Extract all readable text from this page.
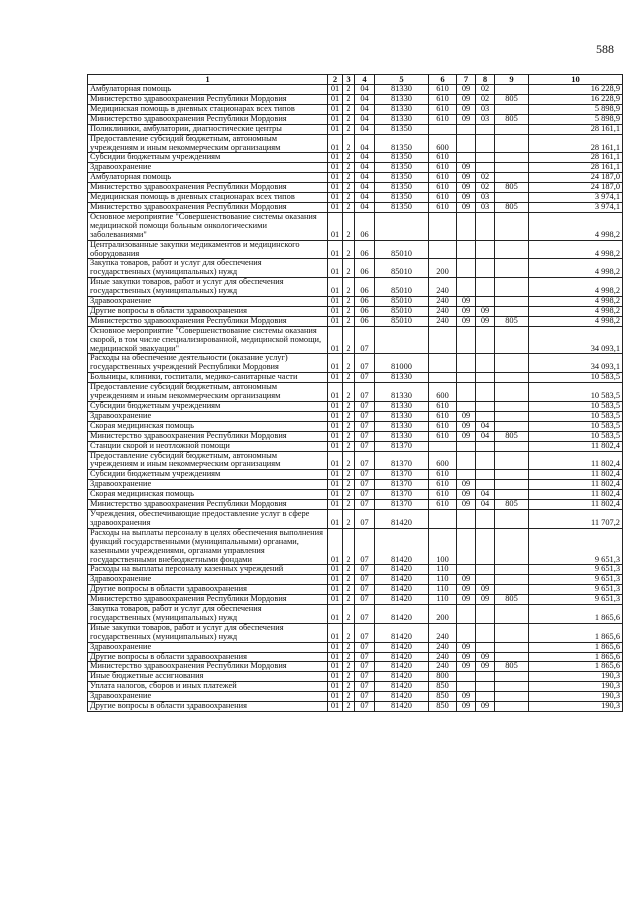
588
1	2	3	4	5	6	7	8	9	10
Амбулаторная помощь	01	2	04	81330	610	09	02		16 228,9
Министерство здравоохранения Республики Мордовия	01	2	04	81330	610	09	02	805	16 228,9
Медицинская помощь в дневных стационарах всех типов	01	2	04	81330	610	09	03		5 898,9
Министерство здравоохранения Республики Мордовия	01	2	04	81330	610	09	03	805	5 898,9
Поликлиники, амбулатории, диагностические центры	01	2	04	81350					28 161,1
Предоставление субсидий бюджетным, автономным учреждениям и иным некоммерческим организациям	01	2	04	81350	600				28 161,1
Субсидии бюджетным учреждениям	01	2	04	81350	610				28 161,1
Здравоохранение	01	2	04	81350	610	09			28 161,1
Амбулаторная помощь	01	2	04	81350	610	09	02		24 187,0
Министерство здравоохранения Республики Мордовия	01	2	04	81350	610	09	02	805	24 187,0
Медицинская помощь в дневных стационарах всех типов	01	2	04	81350	610	09	03		3 974,1
Министерство здравоохранения Республики Мордовия	01	2	04	81350	610	09	03	805	3 974,1
Основное мероприятие "Совершенствование системы оказания медицинской помощи больным онкологическими заболеваниями"	01	2	06						4 998,2
Централизованные закупки медикаментов и медицинского оборудования	01	2	06	85010					4 998,2
Закупка товаров, работ и услуг для обеспечения государственных (муниципальных) нужд	01	2	06	85010	200				4 998,2
Иные закупки товаров, работ и услуг для обеспечения государственных (муниципальных) нужд	01	2	06	85010	240				4 998,2
Здравоохранение	01	2	06	85010	240	09			4 998,2
Другие вопросы в области здравоохранения	01	2	06	85010	240	09	09		4 998,2
Министерство здравоохранения Республики Мордовия	01	2	06	85010	240	09	09	805	4 998,2
Основное мероприятие "Совершенствование системы оказания скорой, в том числе специализированной, медицинской помощи, медицинской эвакуации"	01	2	07						34 093,1
Расходы на обеспечение деятельности (оказание услуг) государственных учреждений Республики Мордовия	01	2	07	81000					34 093,1
Больницы, клиники, госпитали, медико-санитарные части	01	2	07	81330					10 583,5
Предоставление субсидий бюджетным, автономным учреждениям и иным некоммерческим организациям	01	2	07	81330	600				10 583,5
Субсидии бюджетным учреждениям	01	2	07	81330	610				10 583,5
Здравоохранение	01	2	07	81330	610	09			10 583,5
Скорая медицинская помощь	01	2	07	81330	610	09	04		10 583,5
Министерство здравоохранения Республики Мордовия	01	2	07	81330	610	09	04	805	10 583,5
Станции скорой и неотложной помощи	01	2	07	81370					11 802,4
Предоставление субсидий бюджетным, автономным учреждениям и иным некоммерческим организациям	01	2	07	81370	600				11 802,4
Субсидии бюджетным учреждениям	01	2	07	81370	610				11 802,4
Здравоохранение	01	2	07	81370	610	09			11 802,4
Скорая медицинская помощь	01	2	07	81370	610	09	04		11 802,4
Министерство здравоохранения Республики Мордовия	01	2	07	81370	610	09	04	805	11 802,4
Учреждения, обеспечивающие предоставление услуг в сфере здравоохранения	01	2	07	81420					11 707,2
Расходы на выплаты персоналу в целях обеспечения выполнения функций государственными (муниципальными) органами, казенными учреждениями, органами управления государственными внебюджетными фондами	01	2	07	81420	100				9 651,3
Расходы на выплаты персоналу казенных учреждений	01	2	07	81420	110				9 651,3
Здравоохранение	01	2	07	81420	110	09			9 651,3
Другие вопросы в области здравоохранения	01	2	07	81420	110	09	09		9 651,3
Министерство здравоохранения Республики Мордовия	01	2	07	81420	110	09	09	805	9 651,3
Закупка товаров, работ и услуг для обеспечения государственных (муниципальных) нужд	01	2	07	81420	200				1 865,6
Иные закупки товаров, работ и услуг для обеспечения государственных (муниципальных) нужд	01	2	07	81420	240				1 865,6
Здравоохранение	01	2	07	81420	240	09			1 865,6
Другие вопросы в области здравоохранения	01	2	07	81420	240	09	09		1 865,6
Министерство здравоохранения Республики Мордовия	01	2	07	81420	240	09	09	805	1 865,6
Иные бюджетные ассигнования	01	2	07	81420	800				190,3
Уплата налогов, сборов и иных платежей	01	2	07	81420	850				190,3
Здравоохранение	01	2	07	81420	850	09			190,3
Другие вопросы в области здравоохранения	01	2	07	81420	850	09	09		190,3
